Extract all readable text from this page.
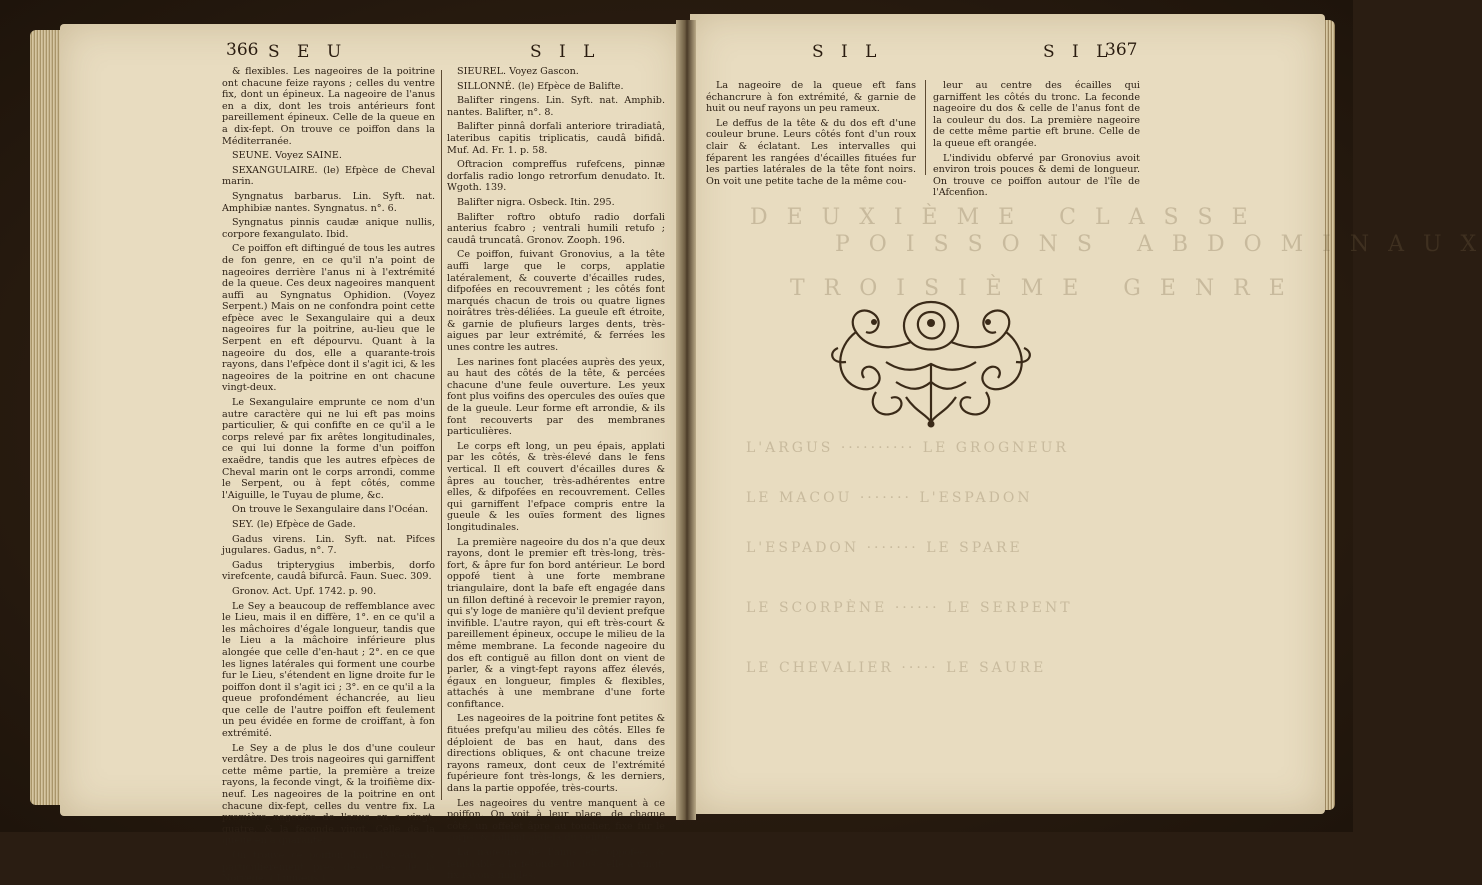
366 S E U	S I L

& flexibles. Les nageoires de la poitrine ont chacune feize rayons ; celles du ventre fix, dont un épineux. La nageoire de l'anus en a dix, dont les trois antérieurs font pareillement épineux. Celle de la queue en a dix-fept. On trouve ce poiffon dans la Méditerranée.

SEUNE. Voyez SAINE.

SEXANGULAIRE. (le) Efpèce de Cheval marin.

Syngnatus barbarus. Lin. Syft. nat. Amphibiæ nantes. Syngnatus. n°. 6.

Syngnatus pinnis caudæ anique nullis, corpore fexangulato. Ibid.

Ce poiffon eft diftingué de tous les autres de fon genre, en ce qu'il n'a point de nageoires derrière l'anus ni à l'extrémité de la queue. Ces deux nageoires manquent auffi au Syngnatus Ophidion. (Voyez Serpent.) Mais on ne confondra point cette efpèce avec le Sexangulaire qui a deux nageoires fur la poitrine, au-lieu que le Serpent en eft dépourvu. Quant à la nageoire du dos, elle a quarante-trois rayons, dans l'efpèce dont il s'agit ici, & les nageoires de la poitrine en ont chacune vingt-deux.

Le Sexangulaire emprunte ce nom d'un autre caractère qui ne lui eft pas moins particulier, & qui confifte en ce qu'il a le corps relevé par fix arêtes longitudinales, ce qui lui donne la forme d'un poiffon exaëdre, tandis que les autres efpèces de Cheval marin ont le corps arrondi, comme le Serpent, ou à fept côtés, comme l'Aiguille, le Tuyau de plume, &c.

On trouve le Sexangulaire dans l'Océan.

SEY. (le) Efpèce de Gade.

Gadus virens. Lin. Syft. nat. Pifces jugulares. Gadus, n°. 7.

Gadus tripterygius imberbis, dorfo virefcente, caudâ bifurcâ. Faun. Suec. 309.

Gronov. Act. Upf. 1742. p. 90.

Le Sey a beaucoup de reffemblance avec le Lieu, mais il en diffère, 1°. en ce qu'il a les mâchoires d'égale longueur, tandis que le Lieu a la mâchoire inférieure plus alongée que celle d'en-haut ; 2°. en ce que les lignes latérales qui forment une courbe fur le Lieu, s'étendent en ligne droite fur le poiffon dont il s'agit ici ; 3°. en ce qu'il a la queue profondément échancrée, au lieu que celle de l'autre poiffon eft feulement un peu évidée en forme de croiffant, à fon extrémité.

Le Sey a de plus le dos d'une couleur verdâtre. Des trois nageoires qui garniffent cette même partie, la première a treize rayons, la feconde vingt, & la troifième dix-neuf. Les nageoires de la poitrine en ont chacune dix-fept, celles du ventre fix. La première nageoire de l'anus en a vingt-quatre, & la feconde vingt. Celle de la queue en a quarante.

On trouve ce poiffon dans l'Océan, & particulièrement près des côtes de la Norvège. ( Linnæus ).

SIEUREL. Voyez Gascon.

SILLONNÉ. (le) Efpèce de Balifte.

Balifter ringens. Lin. Syft. nat. Amphib. nantes. Balifter, n°. 8.

Balifter pinnâ dorfali anteriore triradiatâ, lateribus capitis triplicatis, caudâ bifidâ. Muf. Ad. Fr. 1. p. 58.

Oftracion compreffus rufefcens, pinnæ dorfalis radio longo retrorfum denudato. It. Wgoth. 139.

Balifter nigra. Osbeck. Itin. 295.

Balifter roftro obtufo radio dorfali anterius fcabro ; ventrali humili retufo ; caudâ truncatâ. Gronov. Zooph. 196.

Ce poiffon, fuivant Gronovius, a la tête auffi large que le corps, applatie latéralement, & couverte d'écailles rudes, difpofées en recouvrement ; les côtés font marqués chacun de trois ou quatre lignes noirâtres très-déliées. La gueule eft étroite, & garnie de plufieurs larges dents, très-aigues par leur extrémité, & ferrées les unes contre les autres.

Les narines font placées auprès des yeux, au haut des côtés de la tête, & percées chacune d'une feule ouverture. Les yeux font plus voifins des opercules des ouïes que de la gueule. Leur forme eft arrondie, & ils font recouverts par des membranes particulières.

Le corps eft long, un peu épais, applati par les côtés, & très-élevé dans le fens vertical. Il eft couvert d'écailles dures & âpres au toucher, très-adhérentes entre elles, & difpofées en recouvrement. Celles qui garniffent l'efpace compris entre la gueule & les ouïes forment des lignes longitudinales.

La première nageoire du dos n'a que deux rayons, dont le premier eft très-long, très-fort, & âpre fur fon bord antérieur. Le bord oppofé tient à une forte membrane triangulaire, dont la bafe eft engagée dans un fillon deftiné à recevoir le premier rayon, qui s'y loge de manière qu'il devient prefque invifible. L'autre rayon, qui eft très-court & pareillement épineux, occupe le milieu de la même membrane. La feconde nageoire du dos eft contiguë au fillon dont on vient de parler, & a vingt-fept rayons affez élevés, égaux en longueur, fimples & flexibles, attachés à une membrane d'une forte confiftance.

Les nageoires de la poitrine font petites & fituées prefqu'au milieu des côtés. Elles fe déploient de bas en haut, dans des directions obliques, & ont chacune treize rayons rameux, dont ceux de l'extrémité fupérieure font très-longs, & les derniers, dans la partie oppofée, très-courts.

Les nageoires du ventre manquent à ce poiffon. On voit à leur place, de chaque côté, un offelet âpre au toucher, fixe fur le corps, & faillant audelà du ventre.

La nageoire de l'anus eft oppofée, & femblable à la feconde du dos ; elle a vingt-fix rayons fimples,

S I L	S I L
367

La nageoire de la queue eft fans échancrure à fon extrémité, & garnie de huit ou neuf rayons un peu rameux.

Le deffus de la tête & du dos eft d'une couleur brune. Leurs côtés font d'un roux clair & éclatant. Les intervalles qui féparent les rangées d'écailles fituées fur les parties latérales de la tête font noirs. On voit une petite tache de la même cou-

leur au centre des écailles qui garniffent les côtés du tronc. La feconde nageoire du dos & celle de l'anus font de la couleur du dos. La première nageoire de cette même partie eft brune. Celle de la queue eft orangée.

L'individu obfervé par Gronovius avoit environ trois pouces & demi de longueur. On trouve ce poiffon autour de l'île de l'Afcenfion.

D E U X I È M E   C L A S S E
P O I S S O N S   A B D O M I N A U X
T R O I S I È M E   G E N R E
L'ARGUS ·········· LE GROGNEUR
LE MACOU ······· L'ESPADON
L'ESPADON ······· LE SPARE
LE SCORPÈNE ······ LE SERPENT
LE CHEVALIER ····· LE SAURE
